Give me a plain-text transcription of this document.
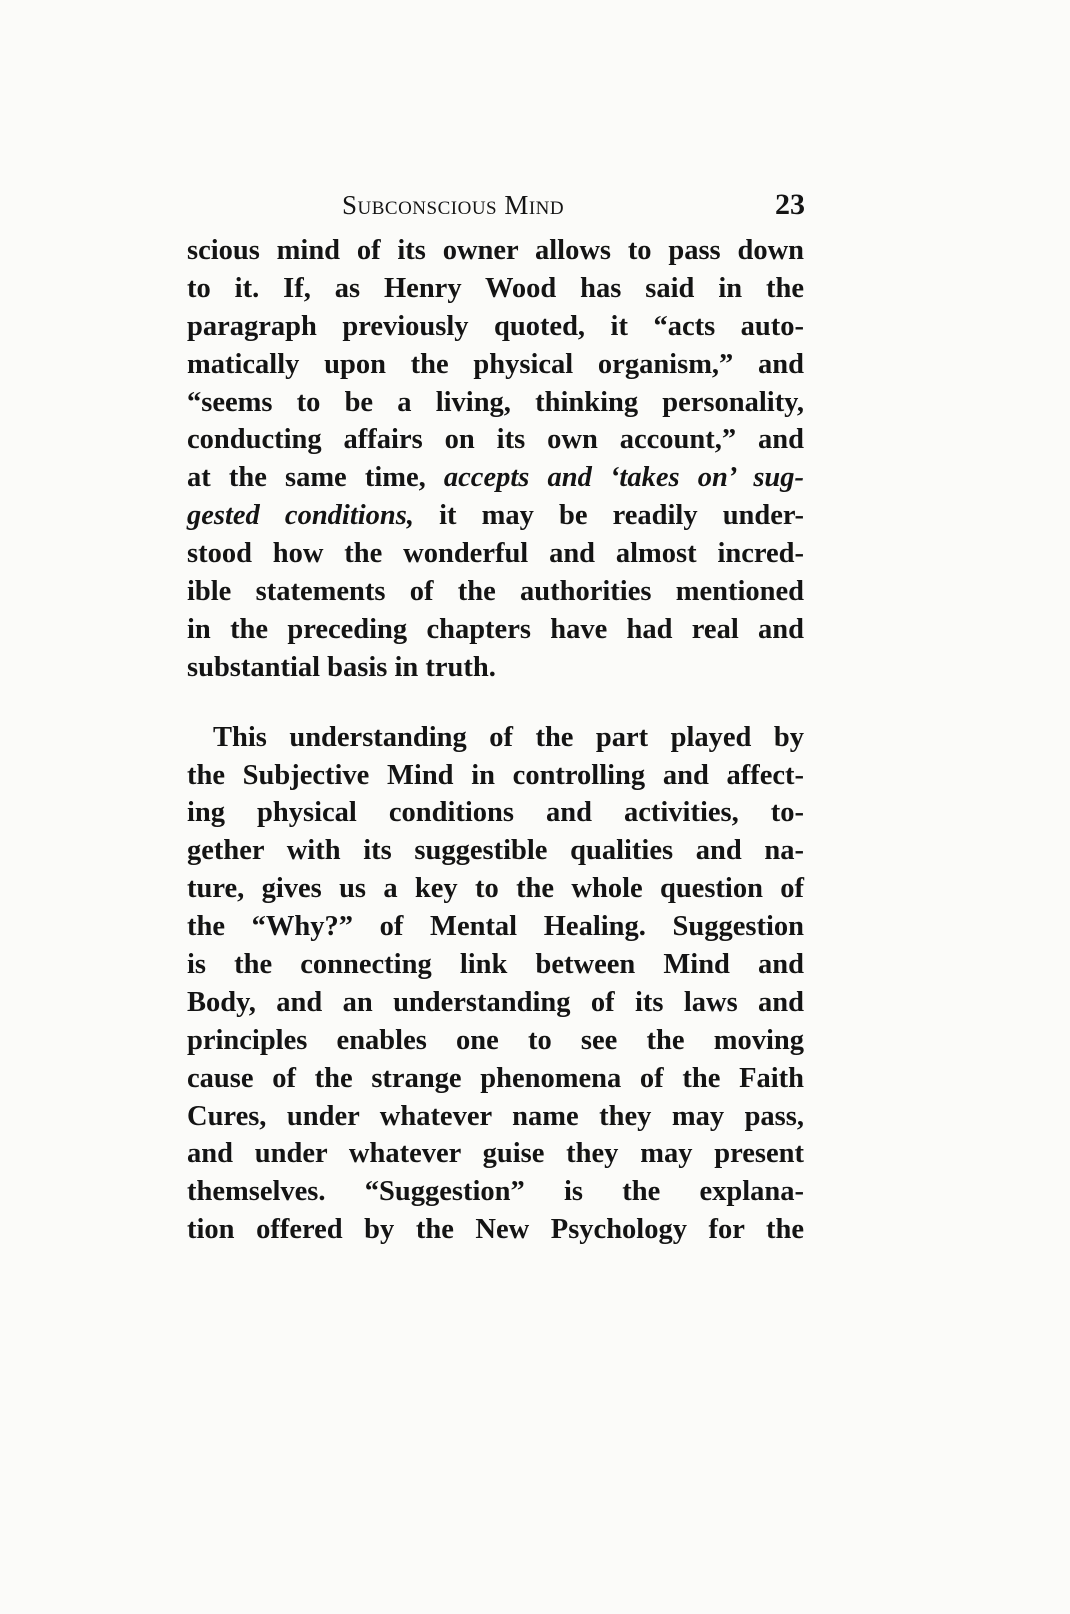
Subconscious Mind	23
scious mind of its owner allows to pass down
to it. If, as Henry Wood has said in the
paragraph previously quoted, it “acts auto-
matically upon the physical organism,” and
“seems to be a living, thinking personality,
conducting affairs on its own account,” and
at the same time, accepts and ‘takes on’ sug-
gested conditions, it may be readily under-
stood how the wonderful and almost incred-
ible statements of the authorities mentioned
in the preceding chapters have had real and
substantial basis in truth.
This understanding of the part played by
the Subjective Mind in controlling and affect-
ing physical conditions and activities, to-
gether with its suggestible qualities and na-
ture, gives us a key to the whole question of
the “Why?” of Mental Healing. Suggestion
is the connecting link between Mind and
Body, and an understanding of its laws and
principles enables one to see the moving
cause of the strange phenomena of the Faith
Cures, under whatever name they may pass,
and under whatever guise they may present
themselves. “Suggestion” is the explana-
tion offered by the New Psychology for the
